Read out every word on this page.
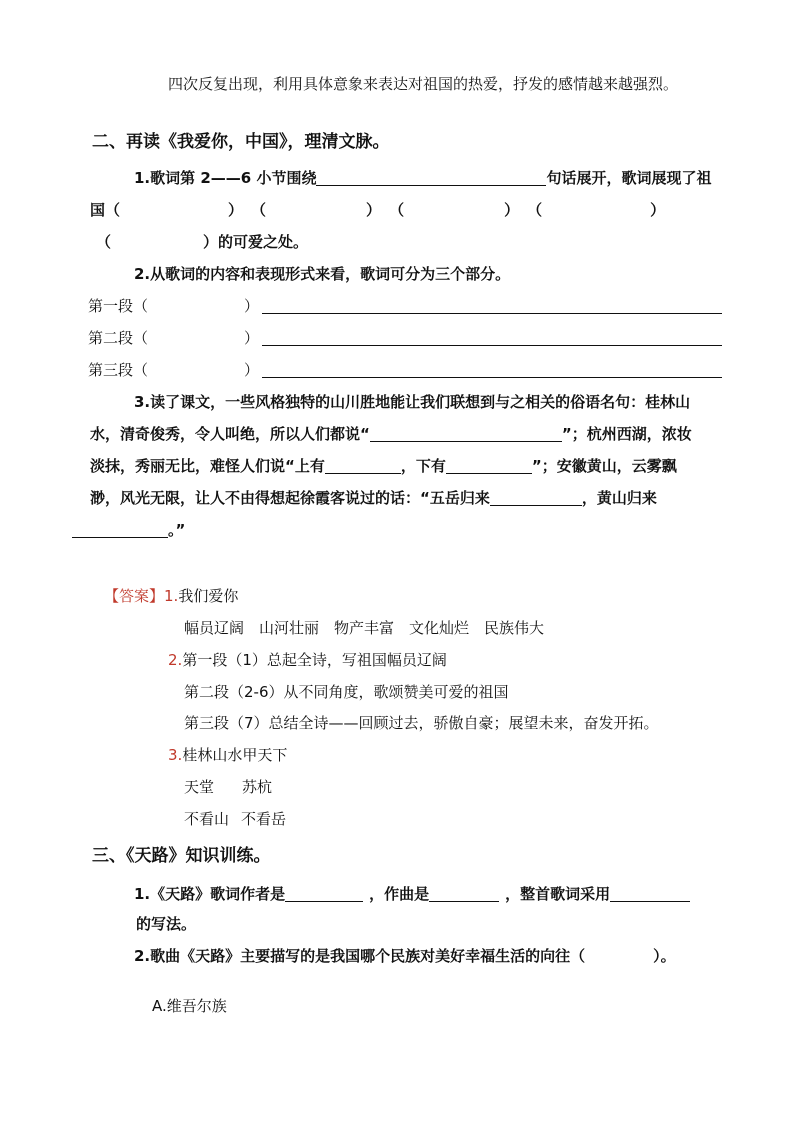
四次反复出现，利用具体意象来表达对祖国的热爱，抒发的感情越来越强烈。
二、再读《我爱你，中国》，理清文脉。
1.歌词第 2——6 小节围绕	句话展开，歌词展现了祖
国（	） （	） （	） （	）
（	）的可爱之处。
2.从歌词的内容和表现形式来看，歌词可分为三个部分。
第一段（	）
第二段（	）
第三段（	）
3.读了课文，一些风格独特的山川胜地能让我们联想到与之相关的俗语名句：桂林山
水，清奇俊秀，令人叫绝，所以人们都说“	”；杭州西湖，浓妆
淡抹，秀丽无比，难怪人们说“上有	，下有	”；安徽黄山，云雾飘
渺，风光无限，让人不由得想起徐霞客说过的话：“五岳归来	，黄山归来
。”
【答案】1.我们爱你
幅员辽阔　山河壮丽　物产丰富　文化灿烂　民族伟大
2.第一段（1）总起全诗，写祖国幅员辽阔
第二段（2-6）从不同角度，歌颂赞美可爱的祖国
第三段（7）总结全诗——回顾过去，骄傲自豪；展望未来，奋发开拓。
3.桂林山水甲天下
天堂 苏杭
不看山 不看岳
三、《天路》知识训练。
1.《天路》歌词作者是	，作曲是	，整首歌词采用
的写法。
2.歌曲《天路》主要描写的是我国哪个民族对美好幸福生活的向往（	）。
A.维吾尔族
